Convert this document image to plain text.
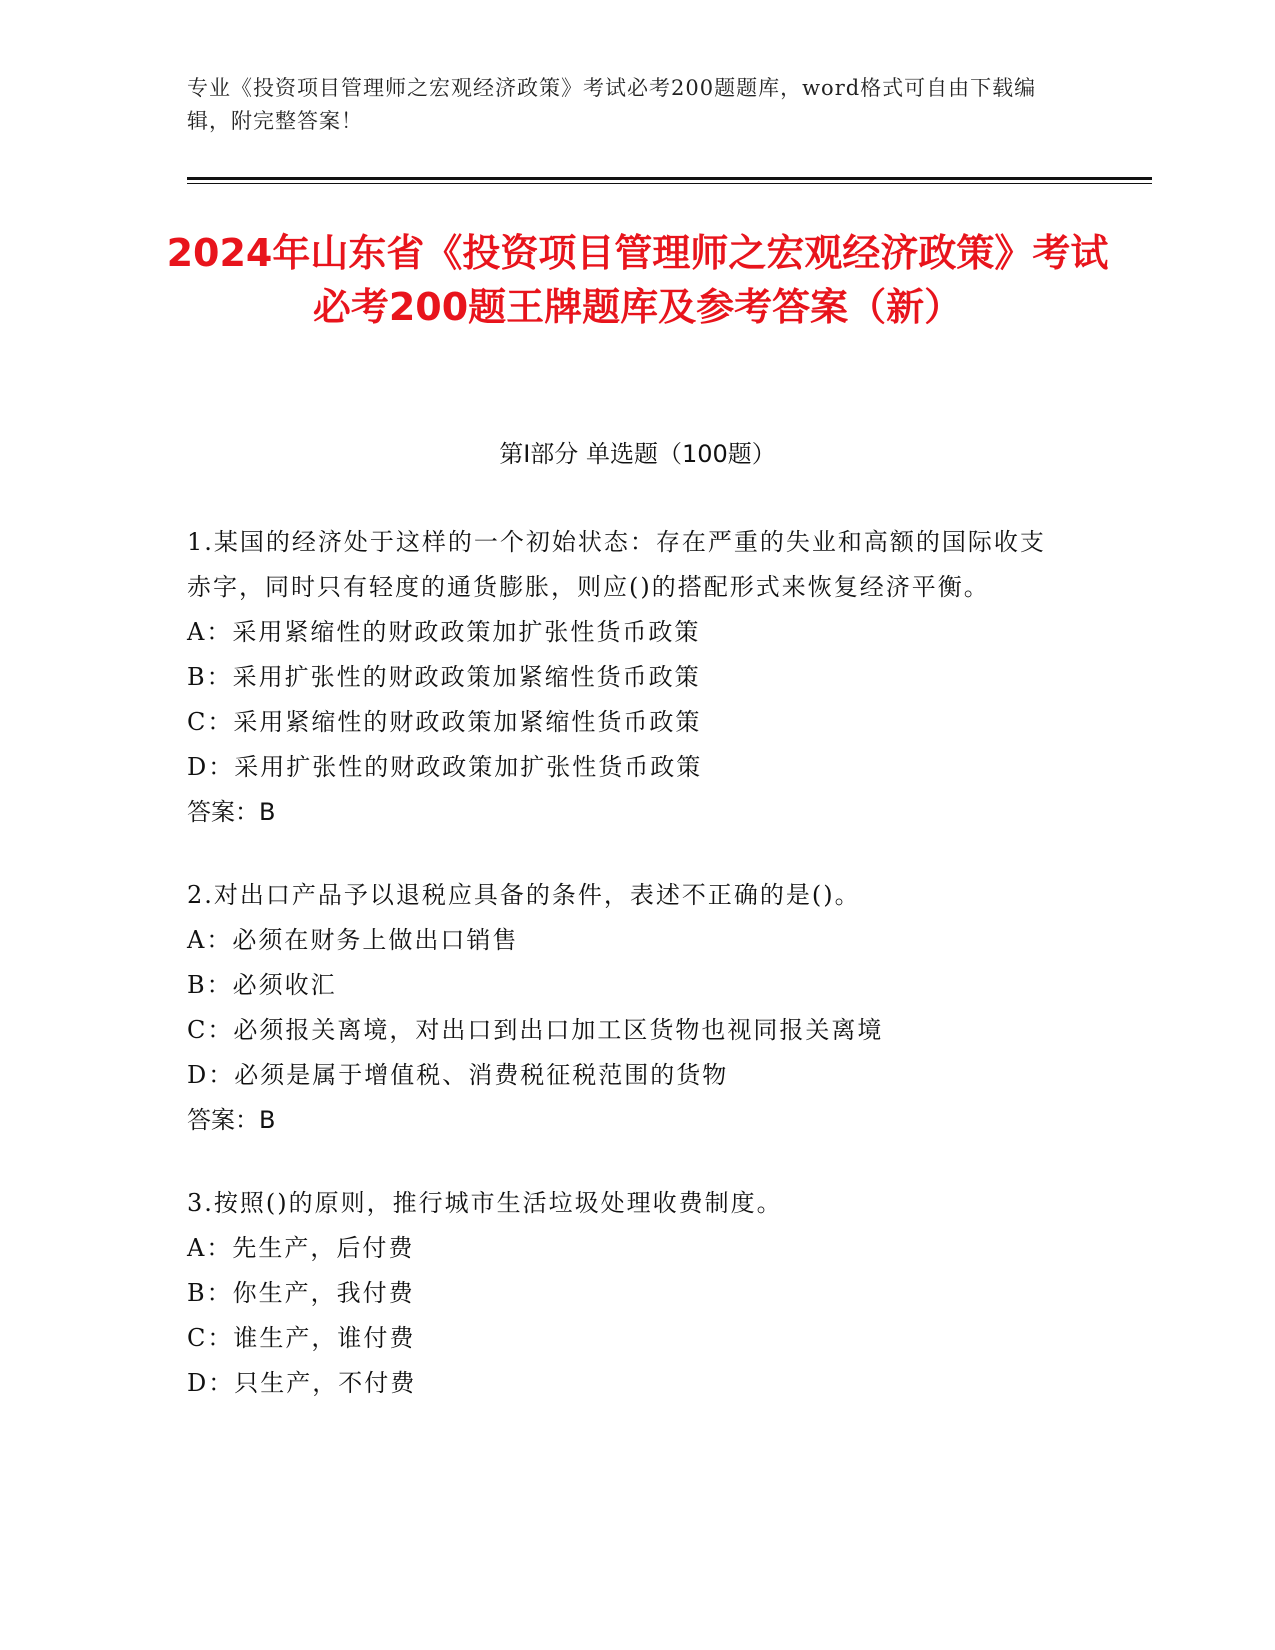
专业《投资项目管理师之宏观经济政策》考试必考200题题库，word格式可自由下载编辑，附完整答案！
2024年山东省《投资项目管理师之宏观经济政策》考试必考200题王牌题库及参考答案（新）
第I部分 单选题（100题）
1.某国的经济处于这样的一个初始状态：存在严重的失业和高额的国际收支赤字，同时只有轻度的通货膨胀，则应()的搭配形式来恢复经济平衡。
A：采用紧缩性的财政政策加扩张性货币政策
B：采用扩张性的财政政策加紧缩性货币政策
C：采用紧缩性的财政政策加紧缩性货币政策
D：采用扩张性的财政政策加扩张性货币政策
答案：B
2.对出口产品予以退税应具备的条件，表述不正确的是()。
A：必须在财务上做出口销售
B：必须收汇
C：必须报关离境，对出口到出口加工区货物也视同报关离境
D：必须是属于增值税、消费税征税范围的货物
答案：B
3.按照()的原则，推行城市生活垃圾处理收费制度。
A：先生产，后付费
B：你生产，我付费
C：谁生产，谁付费
D：只生产，不付费
